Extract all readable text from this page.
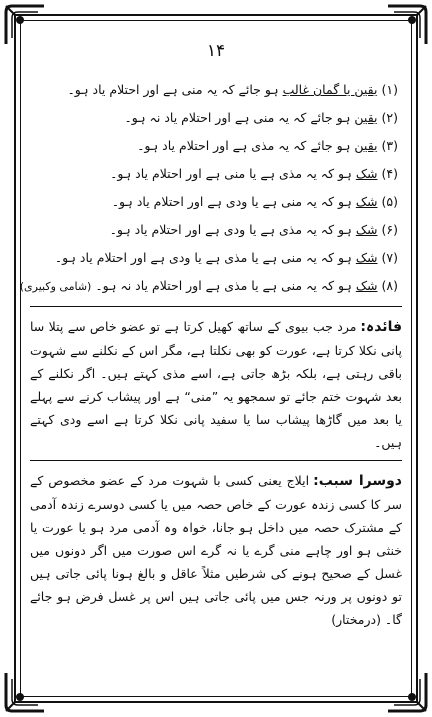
۱۴
(۱)یقین یا گمان غالب ہو جائے کہ یہ منی ہے اور احتلام یاد ہو۔
(۲)یقین ہو جائے کہ یہ منی ہے اور احتلام یاد نہ ہو۔
(۳)یقین ہو جائے کہ یہ مذی ہے اور احتلام یاد ہو۔
(۴)شک ہو کہ یہ مذی ہے یا منی ہے اور احتلام یاد ہو۔
(۵)شک ہو کہ یہ منی ہے یا ودی ہے اور احتلام یاد ہو۔
(۶)شک ہو کہ یہ مذی ہے یا ودی ہے اور احتلام یاد ہو۔
(۷)شک ہو کہ یہ منی ہے یا مذی ہے یا ودی ہے اور احتلام یاد ہو۔
(۸)شک ہو کہ یہ منی ہے یا مذی ہے اور احتلام یاد نہ ہو۔ (شامی وکبیری)

فائدہ:مرد جب بیوی کے ساتھ کھیل کرتا ہے تو عضو خاص سے پتلا سا پانی نکلا کرتا ہے، عورت کو بھی نکلتا ہے، مگر اس کے نکلنے سے شہوت باقی رہتی ہے، بلکہ بڑھ جاتی ہے، اسے مذی کہتے ہیں۔ اگر نکلنے کے بعد شہوت ختم جائے تو سمجھو یہ ”منی“ ہے اور پیشاب کرنے سے پہلے یا بعد میں گاڑھا پیشاب سا یا سفید پانی نکلا کرتا ہے اسے ودی کہتے ہیں۔

دوسرا سبب:ایلاج یعنی کسی با شہوت مرد کے عضو مخصوص کے سر کا کسی زندہ عورت کے خاص حصہ میں یا کسی دوسرے زندہ آدمی کے مشترک حصہ میں داخل ہو جانا، خواہ وہ آدمی مرد ہو یا عورت یا خنثی ہو اور چاہے منی گرے یا نہ گرے اس صورت میں اگر دونوں میں غسل کے صحیح ہونے کی شرطیں مثلاً عاقل و بالغ ہونا پائی جاتی ہیں تو دونوں پر ورنہ جس میں پائی جاتی ہیں اس پر غسل فرض ہو جائے گا۔ (درمختار)
